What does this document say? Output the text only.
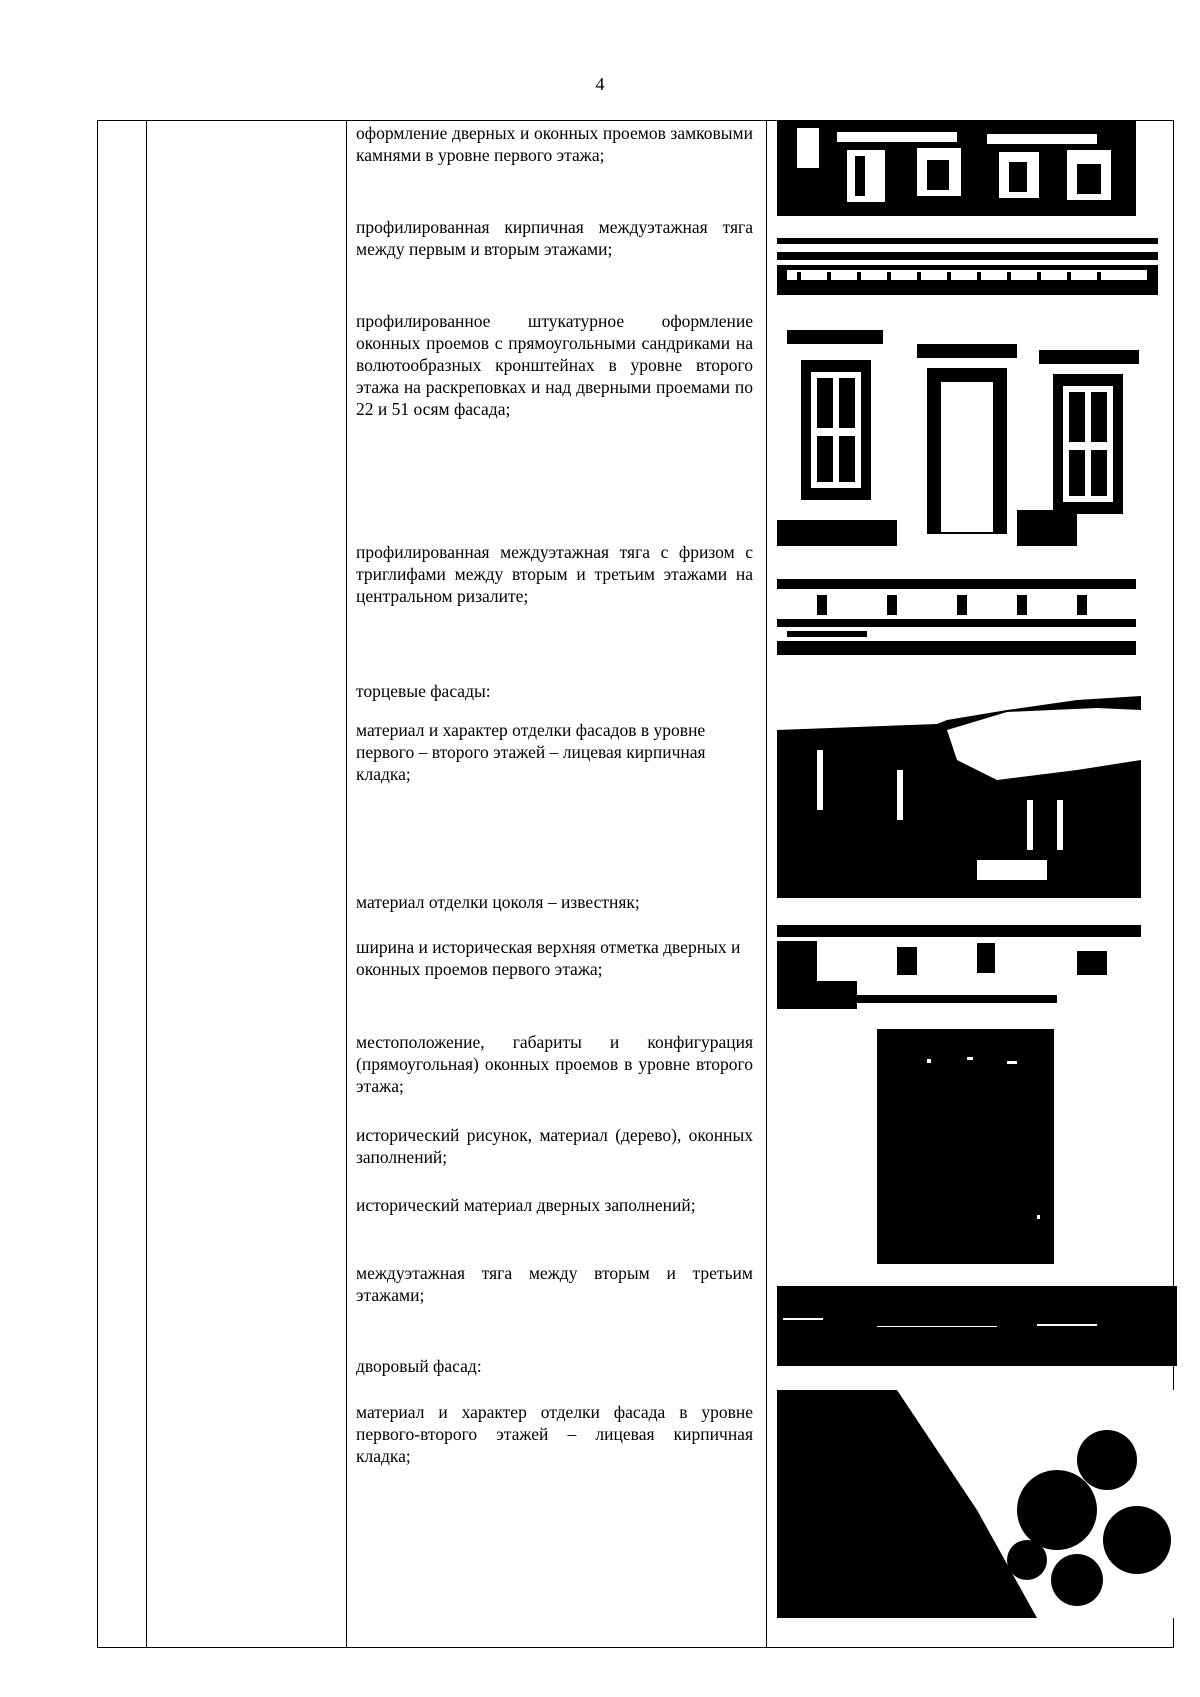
4
оформление дверных и оконных проемов замковыми камнями в уровне первого этажа;
профилированная кирпичная междуэтажная тяга между первым и вторым этажами;
профилированное штукатурное оформление оконных проемов с прямоугольными сандриками на волютообразных кронштейнах в уровне второго этажа на раскреповках и над дверными проемами по 22 и 51 осям фасада;
профилированная междуэтажная тяга с фризом с триглифами между вторым и третьим этажами на центральном ризалите;
торцевые фасады:
материал и характер отделки фасадов в уровне первого – второго этажей – лицевая кирпичная кладка;
материал отделки цоколя – известняк;
ширина и историческая верхняя отметка дверных и оконных проемов первого этажа;
местоположение, габариты и конфигурация (прямоугольная) оконных проемов в уровне второго этажа;
исторический рисунок, материал (дерево), оконных заполнений;
исторический материал дверных заполнений;
междуэтажная тяга между вторым и третьим этажами;
дворовый фасад:
материал и характер отделки фасада в уровне первого-второго этажей – лицевая кирпичная кладка;
